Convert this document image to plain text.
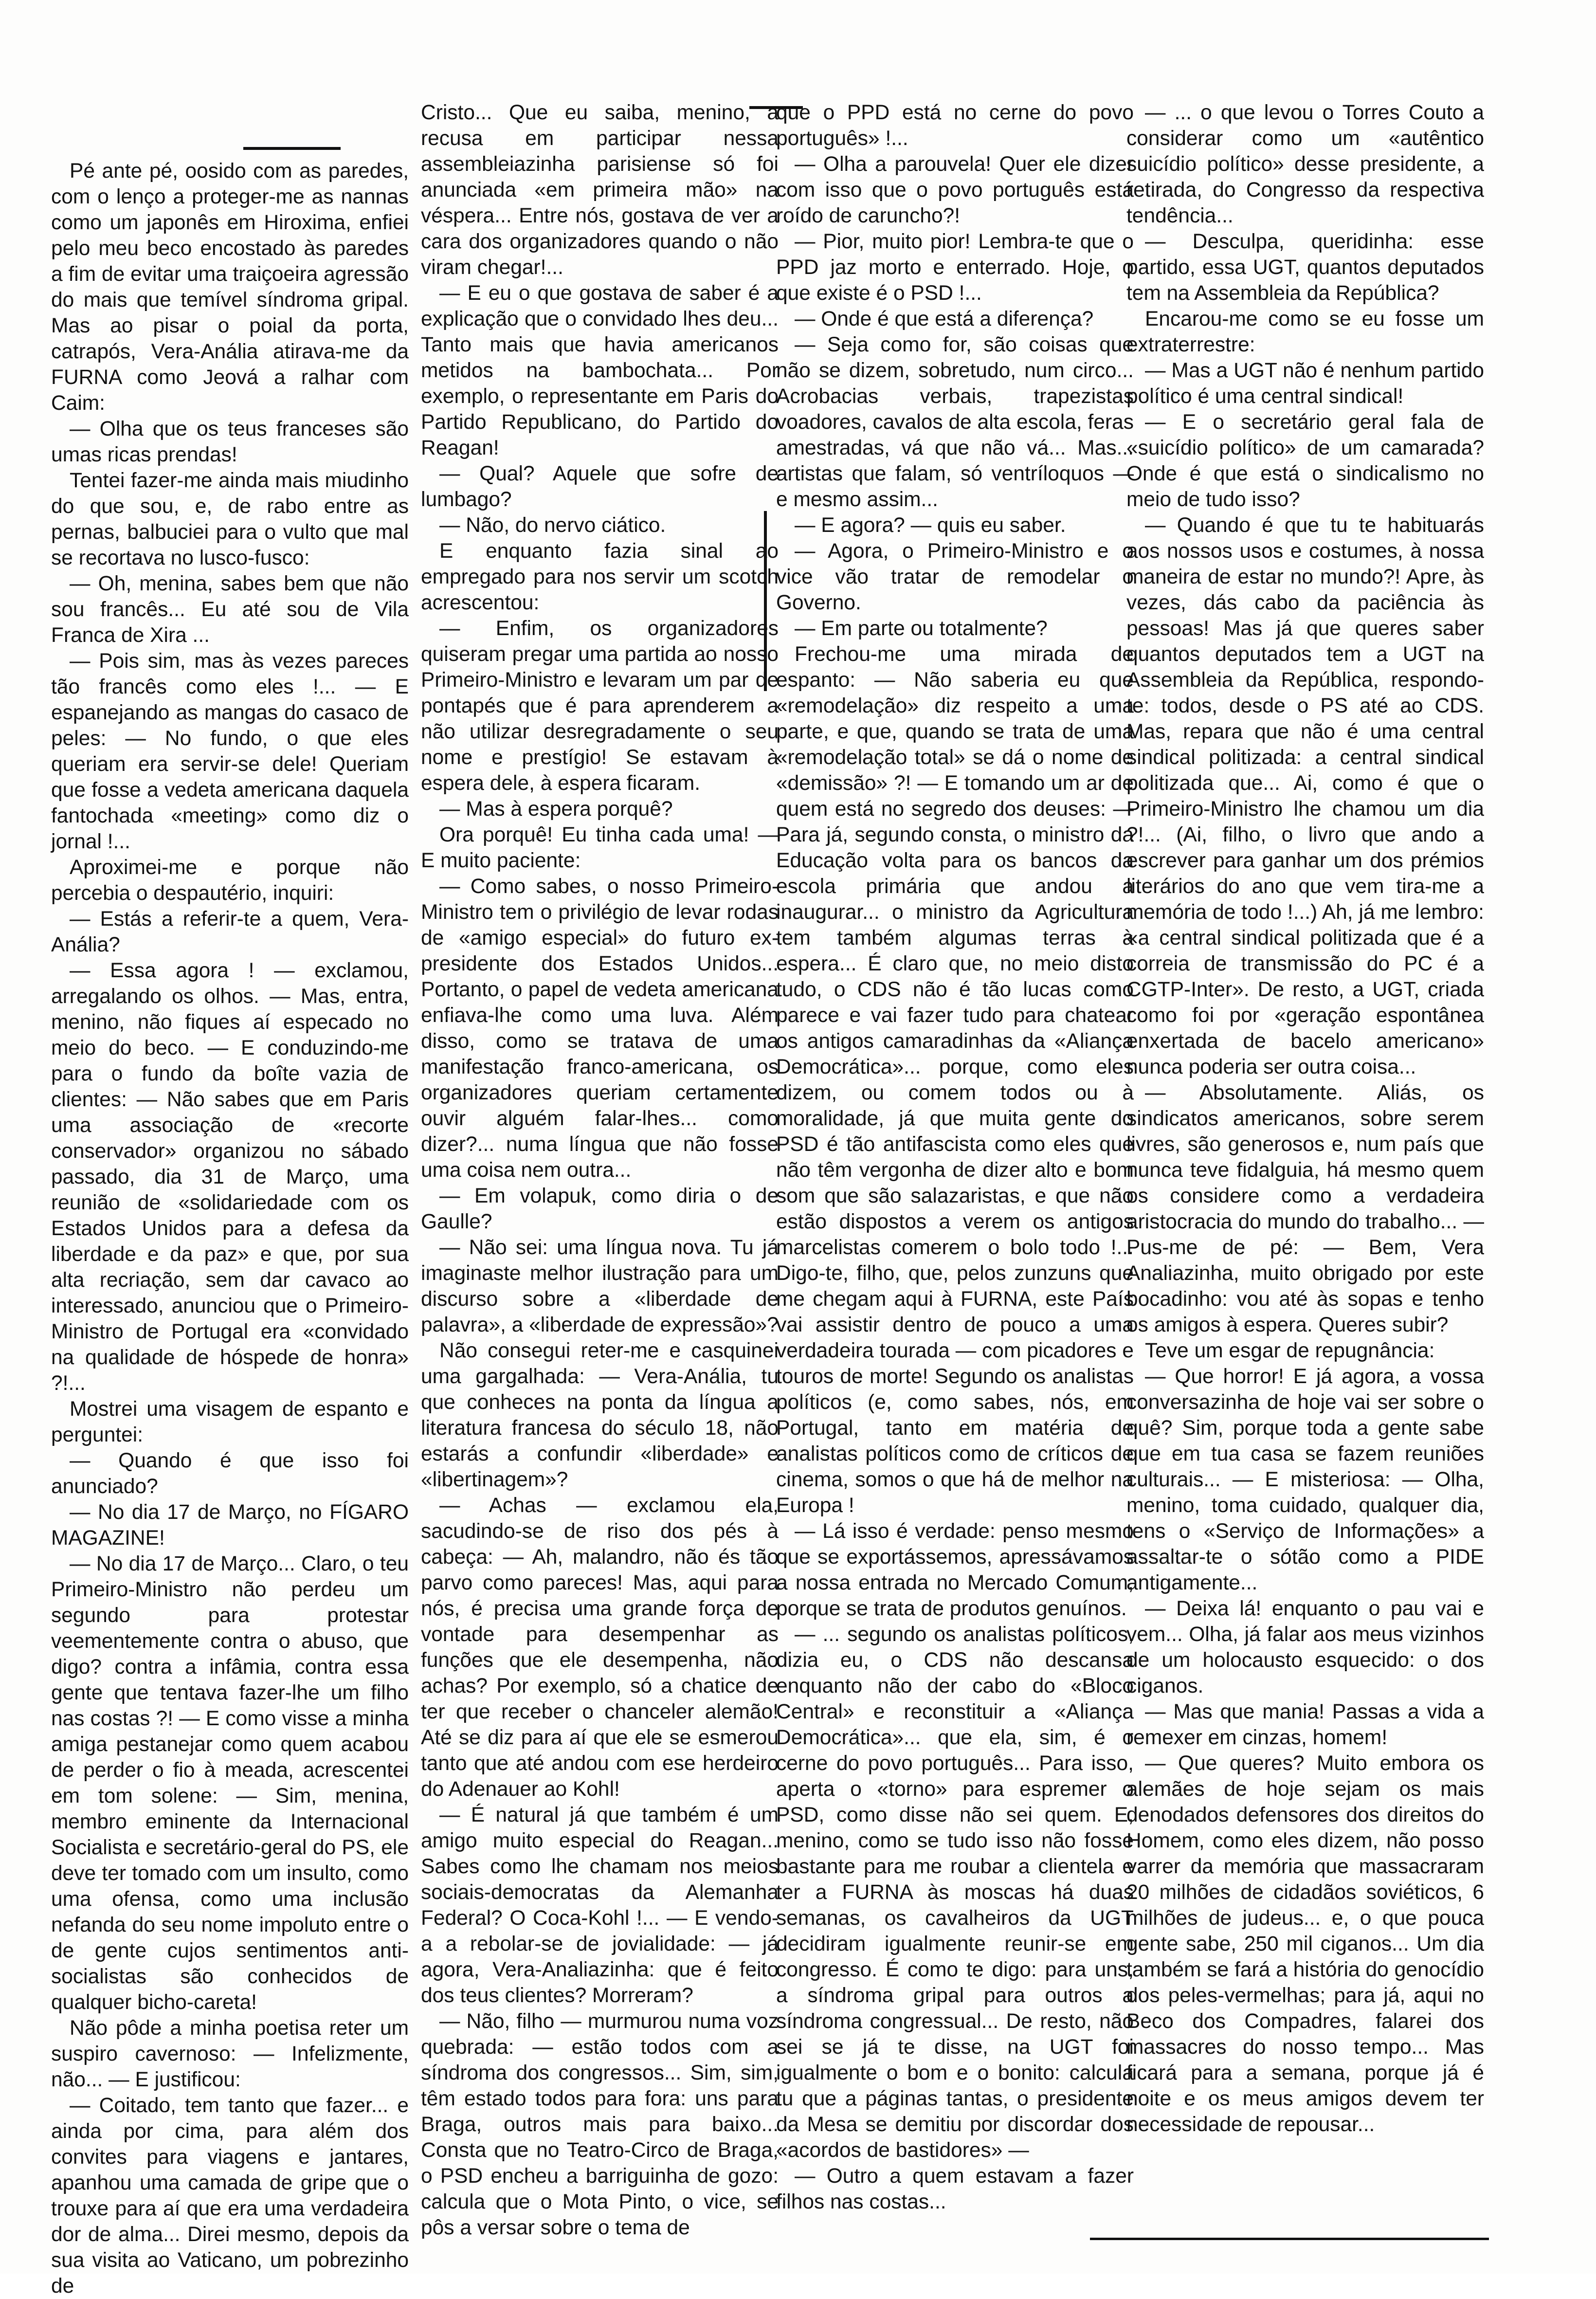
Pé ante pé, oosido com as paredes, com o lenço a proteger-me as nannas como um japonês em Hiroxima, enfiei pelo meu beco encostado às paredes a fim de evitar uma traiçoeira agressão do mais que temível síndroma gripal. Mas ao pisar o poial da porta, catrapós, Vera-Anália atirava-me da FURNA como Jeová a ralhar com Caim:

— Olha que os teus franceses são umas ricas prendas!

Tentei fazer-me ainda mais miudinho do que sou, e, de rabo entre as pernas, balbuciei para o vulto que mal se recortava no lusco-fusco:

— Oh, menina, sabes bem que não sou francês... Eu até sou de Vila Franca de Xira ...

— Pois sim, mas às vezes pareces tão francês como eles !... — E espanejando as mangas do casaco de peles: — No fundo, o que eles queriam era servir-se dele! Queriam que fosse a vedeta americana daquela fantochada «meeting» como diz o jornal !...

Aproximei-me e porque não percebia o despautério, inquiri:

— Estás a referir-te a quem, Vera-Anália?

— Essa agora ! — exclamou, arregalando os olhos. — Mas, entra, menino, não fiques aí especado no meio do beco. — E conduzindo-me para o fundo da boîte vazia de clientes: — Não sabes que em Paris uma associação de «recorte conservador» organizou no sábado passado, dia 31 de Março, uma reunião de «solidariedade com os Estados Unidos para a defesa da liberdade e da paz» e que, por sua alta recriação, sem dar cavaco ao interessado, anunciou que o Primeiro-Ministro de Portugal era «convidado na qualidade de hóspede de honra» ?!...

Mostrei uma visagem de espanto e perguntei:

— Quando é que isso foi anunciado?

— No dia 17 de Março, no FÍGARO MAGAZINE!

— No dia 17 de Março... Claro, o teu Primeiro-Ministro não perdeu um segundo para protestar veementemente contra o abuso, que digo? contra a infâmia, contra essa gente que tentava fazer-lhe um filho nas costas ?! — E como visse a minha amiga pestanejar como quem acabou de perder o fio à meada, acrescentei em tom solene: — Sim, menina, membro eminente da Internacional Socialista e secretário-geral do PS, ele deve ter tomado com um insulto, como uma ofensa, como uma inclusão nefanda do seu nome impoluto entre o de gente cujos sentimentos anti-socialistas são conhecidos de qualquer bicho-careta!

Não pôde a minha poetisa reter um suspiro cavernoso: — Infelizmente, não... — E justificou:

— Coitado, tem tanto que fazer... e ainda por cima, para além dos convites para viagens e jantares, apanhou uma camada de gripe que o trouxe para aí que era uma verdadeira dor de alma... Direi mesmo, depois da sua visita ao Vaticano, um pobrezinho de

Cristo... Que eu saiba, menino, a recusa em participar nessa assembleiazinha parisiense só foi anunciada «em primeira mão» na véspera... Entre nós, gostava de ver a cara dos organizadores quando o não viram chegar!...

— E eu o que gostava de saber é a explicação que o convidado lhes deu... Tanto mais que havia americanos metidos na bambochata... Por exemplo, o representante em Paris do Partido Republicano, do Partido do Reagan!

— Qual? Aquele que sofre de lumbago?

— Não, do nervo ciático.

E enquanto fazia sinal ao empregado para nos servir um scotch acrescentou:

— Enfim, os organizadores quiseram pregar uma partida ao nosso Primeiro-Ministro e levaram um par de pontapés que é para aprenderem a não utilizar desregradamente o seu nome e prestígio! Se estavam à espera dele, à espera ficaram.

— Mas à espera porquê?

Ora porquê! Eu tinha cada uma! — E muito paciente:

— Como sabes, o nosso Primeiro-Ministro tem o privilégio de levar rodas de «amigo especial» do futuro ex-presidente dos Estados Unidos... Portanto, o papel de vedeta americana enfiava-lhe como uma luva. Além disso, como se tratava de uma manifestação franco-americana, os organizadores queriam certamente ouvir alguém falar-lhes... como dizer?... numa língua que não fosse uma coisa nem outra...

— Em volapuk, como diria o de Gaulle?

— Não sei: uma língua nova. Tu já imaginaste melhor ilustração para um discurso sobre a «liberdade de palavra», a «liberdade de expressão»?

Não consegui reter-me e casquinei uma gargalhada: — Vera-Anália, tu que conheces na ponta da língua a literatura francesa do século 18, não estarás a confundir «liberdade» e «libertinagem»?

— Achas — exclamou ela, sacudindo-se de riso dos pés à cabeça: — Ah, malandro, não és tão parvo como pareces! Mas, aqui para nós, é precisa uma grande força de vontade para desempenhar as funções que ele desempenha, não achas? Por exemplo, só a chatice de ter que receber o chanceler alemão! Até se diz para aí que ele se esmerou tanto que até andou com ese herdeiro do Adenauer ao Kohl!

— É natural já que também é um amigo muito especial do Reagan... Sabes como lhe chamam nos meios sociais-democratas da Alemanha Federal? O Coca-Kohl !... — E vendo-a a rebolar-se de jovialidade: — já agora, Vera-Analiazinha: que é feito dos teus clientes? Morreram?

— Não, filho — murmurou numa voz quebrada: — estão todos com a síndroma dos congressos... Sim, sim, têm estado todos para fora: uns para Braga, outros mais para baixo... Consta que no Teatro-Circo de Braga, o PSD encheu a barriguinha de gozo: calcula que o Mota Pinto, o vice, se pôs a versar sobre o tema de

que o PPD está no cerne do povo português» !...

— Olha a parouvela! Quer ele dizer com isso que o povo português está roído de caruncho?!

— Pior, muito pior! Lembra-te que o PPD jaz morto e enterrado. Hoje, o que existe é o PSD !...

— Onde é que está a diferença?

— Seja como for, são coisas que não se dizem, sobretudo, num circo... Acrobacias verbais, trapezistas voadores, cavalos de alta escola, feras amestradas, vá que não vá... Mas... artistas que falam, só ventríloquos — e mesmo assim...

— E agora? — quis eu saber.

— Agora, o Primeiro-Ministro e o vice vão tratar de remodelar o Governo.

— Em parte ou totalmente?

Frechou-me uma mirada de espanto: — Não saberia eu que «remodelação» diz respeito a uma parte, e que, quando se trata de uma «remodelação total» se dá o nome de «demissão» ?! — E tomando um ar de quem está no segredo dos deuses: — Para já, segundo consta, o ministro da Educação volta para os bancos da escola primária que andou a inaugurar... o ministro da Agricultura tem também algumas terras à espera... É claro que, no meio disto tudo, o CDS não é tão lucas como parece e vai fazer tudo para chatear os antigos camaradinhas da «Aliança Democrática»... porque, como eles dizem, ou comem todos ou à moralidade, já que muita gente do PSD é tão antifascista como eles que não têm vergonha de dizer alto e bom som que são salazaristas, e que não estão dispostos a verem os antigos marcelistas comerem o bolo todo !... Digo-te, filho, que, pelos zunzuns que me chegam aqui à FURNA, este País vai assistir dentro de pouco a uma verdadeira tourada — com picadores e touros de morte! Segundo os analistas políticos (e, como sabes, nós, em Portugal, tanto em matéria de analistas políticos como de críticos de cinema, somos o que há de melhor na Europa !

— Lá isso é verdade: penso mesmo que se exportássemos, apressávamos a nossa entrada no Mercado Comum, porque se trata de produtos genuínos.

— ... segundo os analistas políticos, dizia eu, o CDS não descansa enquanto não der cabo do «Bloco Central» e reconstituir a «Aliança Democrática»... que ela, sim, é o cerne do povo português... Para isso, aperta o «torno» para espremer o PSD, como disse não sei quem. E, menino, como se tudo isso não fosse bastante para me roubar a clientela e ter a FURNA às moscas há duas semanas, os cavalheiros da UGT decidiram igualmente reunir-se em congresso. É como te digo: para uns, a síndroma gripal para outros a síndroma congressual... De resto, não sei se já te disse, na UGT foi igualmente o bom e o bonito: calcula tu que a páginas tantas, o presidente da Mesa se demitiu por discordar dos «acordos de bastidores» —

— Outro a quem estavam a fazer filhos nas costas...

— ... o que levou o Torres Couto a considerar como um «autêntico suicídio político» desse presidente, a retirada, do Congresso da respectiva tendência...

— Desculpa, queridinha: esse partido, essa UGT, quantos deputados tem na Assembleia da República?

Encarou-me como se eu fosse um extraterrestre:

— Mas a UGT não é nenhum partido político é uma central sindical!

— E o secretário geral fala de «suicídio político» de um camarada? Onde é que está o sindicalismo no meio de tudo isso?

— Quando é que tu te habituarás aos nossos usos e costumes, à nossa maneira de estar no mundo?! Apre, às vezes, dás cabo da paciência às pessoas! Mas já que queres saber quantos deputados tem a UGT na Assembleia da República, respondo-te: todos, desde o PS até ao CDS. Mas, repara que não é uma central sindical politizada: a central sindical politizada que... Ai, como é que o Primeiro-Ministro lhe chamou um dia ?!... (Ai, filho, o livro que ando a escrever para ganhar um dos prémios literários do ano que vem tira-me a memória de todo !...) Ah, já me lembro: «a central sindical politizada que é a correia de transmissão do PC é a CGTP-Inter». De resto, a UGT, criada como foi por «geração espontânea enxertada de bacelo americano» nunca poderia ser outra coisa...

— Absolutamente. Aliás, os sindicatos americanos, sobre serem livres, são generosos e, num país que nunca teve fidalguia, há mesmo quem os considere como a verdadeira aristocracia do mundo do trabalho... — Pus-me de pé: — Bem, Vera Analiazinha, muito obrigado por este bocadinho: vou até às sopas e tenho os amigos à espera. Queres subir?

Teve um esgar de repugnância:

— Que horror! E já agora, a vossa conversazinha de hoje vai ser sobre o quê? Sim, porque toda a gente sabe que em tua casa se fazem reuniões culturais... — E misteriosa: — Olha, menino, toma cuidado, qualquer dia, tens o «Serviço de Informações» a assaltar-te o sótão como a PIDE antigamente...

— Deixa lá! enquanto o pau vai e vem... Olha, já falar aos meus vizinhos de um holocausto esquecido: o dos ciganos.

— Mas que mania! Passas a vida a remexer em cinzas, homem!

— Que queres? Muito embora os alemães de hoje sejam os mais denodados defensores dos direitos do Homem, como eles dizem, não posso varrer da memória que massacraram 20 milhões de cidadãos soviéticos, 6 milhões de judeus... e, o que pouca gente sabe, 250 mil ciganos... Um dia também se fará a história do genocídio dos peles-vermelhas; para já, aqui no Beco dos Compadres, falarei dos massacres do nosso tempo... Mas ficará para a semana, porque já é noite e os meus amigos devem ter necessidade de repousar...
